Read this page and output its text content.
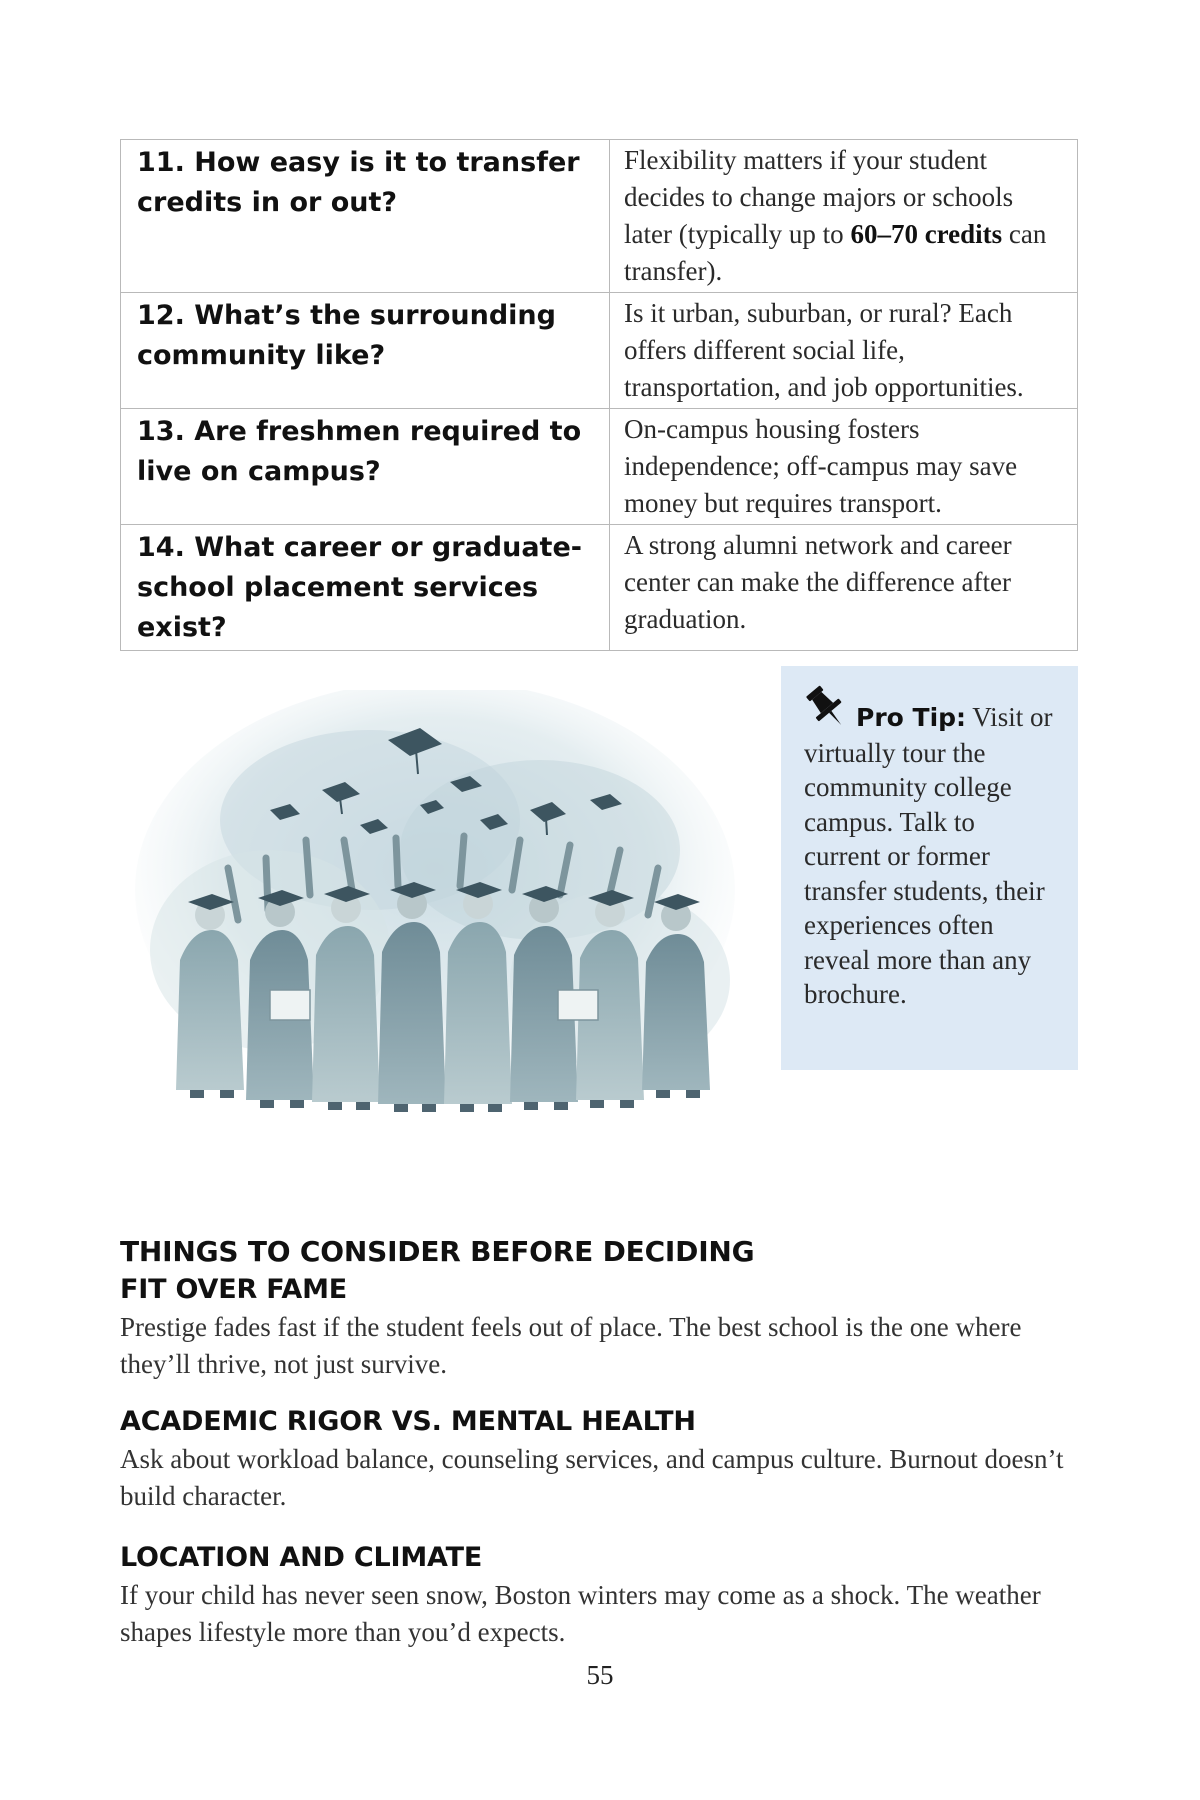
11. How easy is it to transfer credits in or out?	Flexibility matters if your student decides to change majors or schools later (typically up to 60–70 credits can transfer).
12. What’s the surrounding community like?	Is it urban, suburban, or rural? Each offers different social life, transportation, and job opportunities.
13. Are freshmen required to live on campus?	On-campus housing fosters independence; off-campus may save money but requires transport.
14. What career or graduate-school placement services exist?	A strong alumni network and career center can make the difference after graduation.
Pro Tip: Visit or virtually tour the community college campus. Talk to current or former transfer students, their experiences often reveal more than any brochure.
THINGS TO CONSIDER BEFORE DECIDING
FIT OVER FAME
Prestige fades fast if the student feels out of place. The best school is the one where they’ll thrive, not just survive.
ACADEMIC RIGOR VS. MENTAL HEALTH
Ask about workload balance, counseling services, and campus culture. Burnout doesn’t build character.
LOCATION AND CLIMATE
If your child has never seen snow, Boston winters may come as a shock. The weather shapes lifestyle more than you’d expects.
55
